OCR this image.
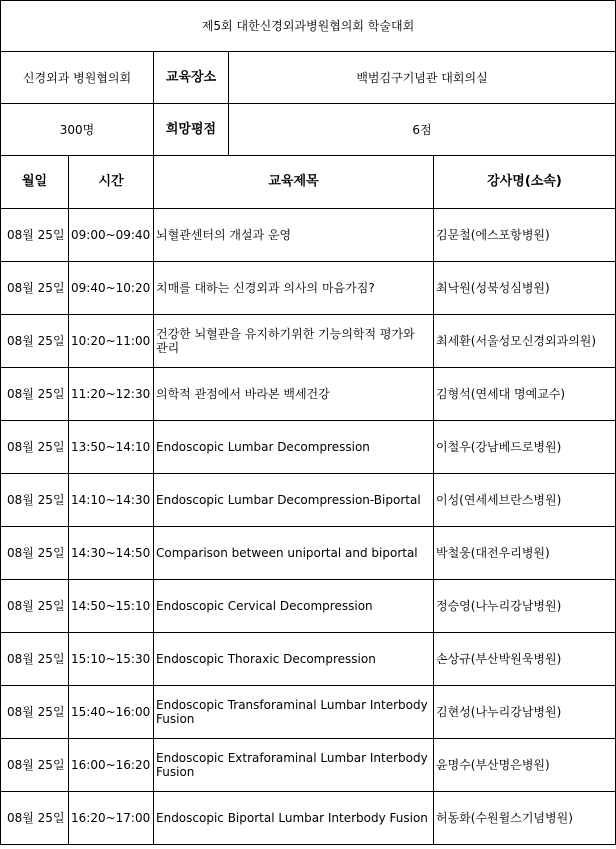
제5회 대한신경외과병원협의회 학술대회				
신경외과 병원협의회		교육장소	백범김구기념관 대회의실	
300명		희망평점	6점	
월일	시간	교육제목		강사명(소속)
08월 25일	09:00~09:40	뇌혈관센터의 개설과 운영		김문철(에스포항병원)
08월 25일	09:40~10:20	치매를 대하는 신경외과 의사의 마음가짐?		최낙원(성북성심병원)
08월 25일	10:20~11:00	건강한 뇌혈관을 유지하기위한 기능의학적 평가와 관리		최세환(서울성모신경외과의원)
08월 25일	11:20~12:30	의학적 관점에서 바라본 백세건강		김형석(연세대 명예교수)
08월 25일	13:50~14:10	Endoscopic Lumbar Decompression		이철우(강남베드로병원)
08월 25일	14:10~14:30	Endoscopic Lumbar Decompression-Biportal		이성(연세세브란스병원)
08월 25일	14:30~14:50	Comparison between uniportal and biportal		박철웅(대전우리병원)
08월 25일	14:50~15:10	Endoscopic Cervical Decompression		정승영(나누리강남병원)
08월 25일	15:10~15:30	Endoscopic Thoraxic Decompression		손상규(부산박원욱병원)
08월 25일	15:40~16:00	Endoscopic Transforaminal Lumbar Interbody Fusion		김현성(나누리강남병원)
08월 25일	16:00~16:20	Endoscopic Extraforaminal Lumbar Interbody Fusion		윤명수(부산명은병원)
08월 25일	16:20~17:00	Endoscopic Biportal Lumbar Interbody Fusion		허동화(수원윌스기념병원)
